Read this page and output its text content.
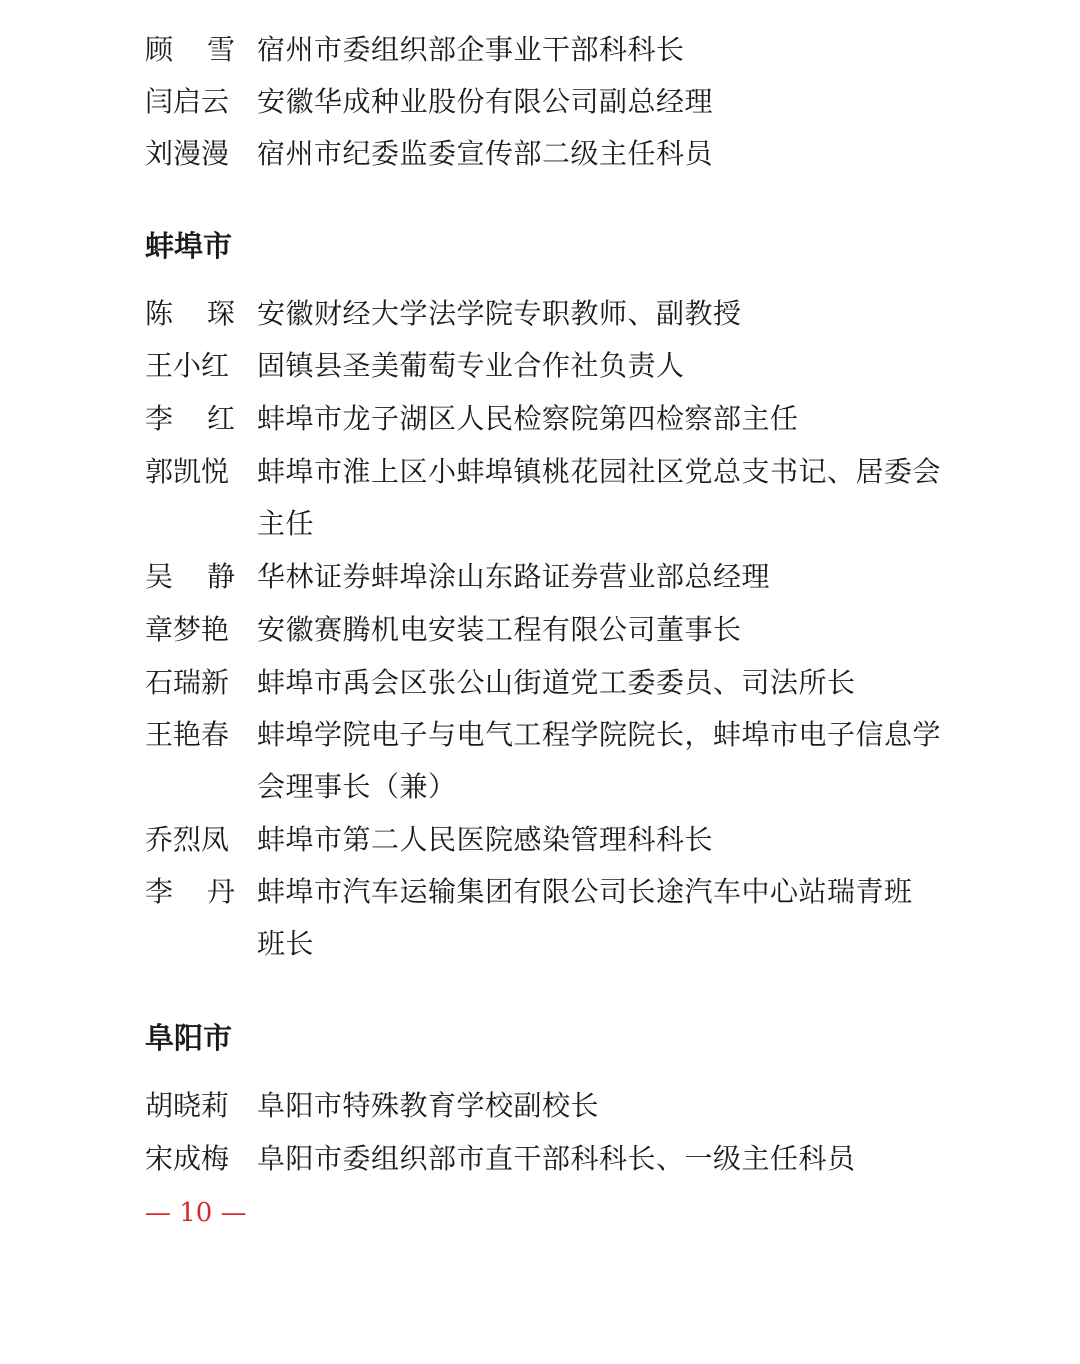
顾 雪 宿州市委组织部企事业干部科科长
闫启云 安徽华成种业股份有限公司副总经理
刘漫漫 宿州市纪委监委宣传部二级主任科员
蚌埠市
陈 琛 安徽财经大学法学院专职教师、副教授
王小红 固镇县圣美葡萄专业合作社负责人
李 红 蚌埠市龙子湖区人民检察院第四检察部主任
郭凯悦 蚌埠市淮上区小蚌埠镇桃花园社区党总支书记、居委会
主任
吴 静 华林证券蚌埠涂山东路证券营业部总经理
章梦艳 安徽赛腾机电安装工程有限公司董事长
石瑞新 蚌埠市禹会区张公山街道党工委委员、司法所长
王艳春 蚌埠学院电子与电气工程学院院长，蚌埠市电子信息学
会理事长（兼）
乔烈凤 蚌埠市第二人民医院感染管理科科长
李 丹 蚌埠市汽车运输集团有限公司长途汽车中心站瑞青班
班长
阜阳市
胡晓莉 阜阳市特殊教育学校副校长
宋成梅 阜阳市委组织部市直干部科科长、一级主任科员
— 10 —
